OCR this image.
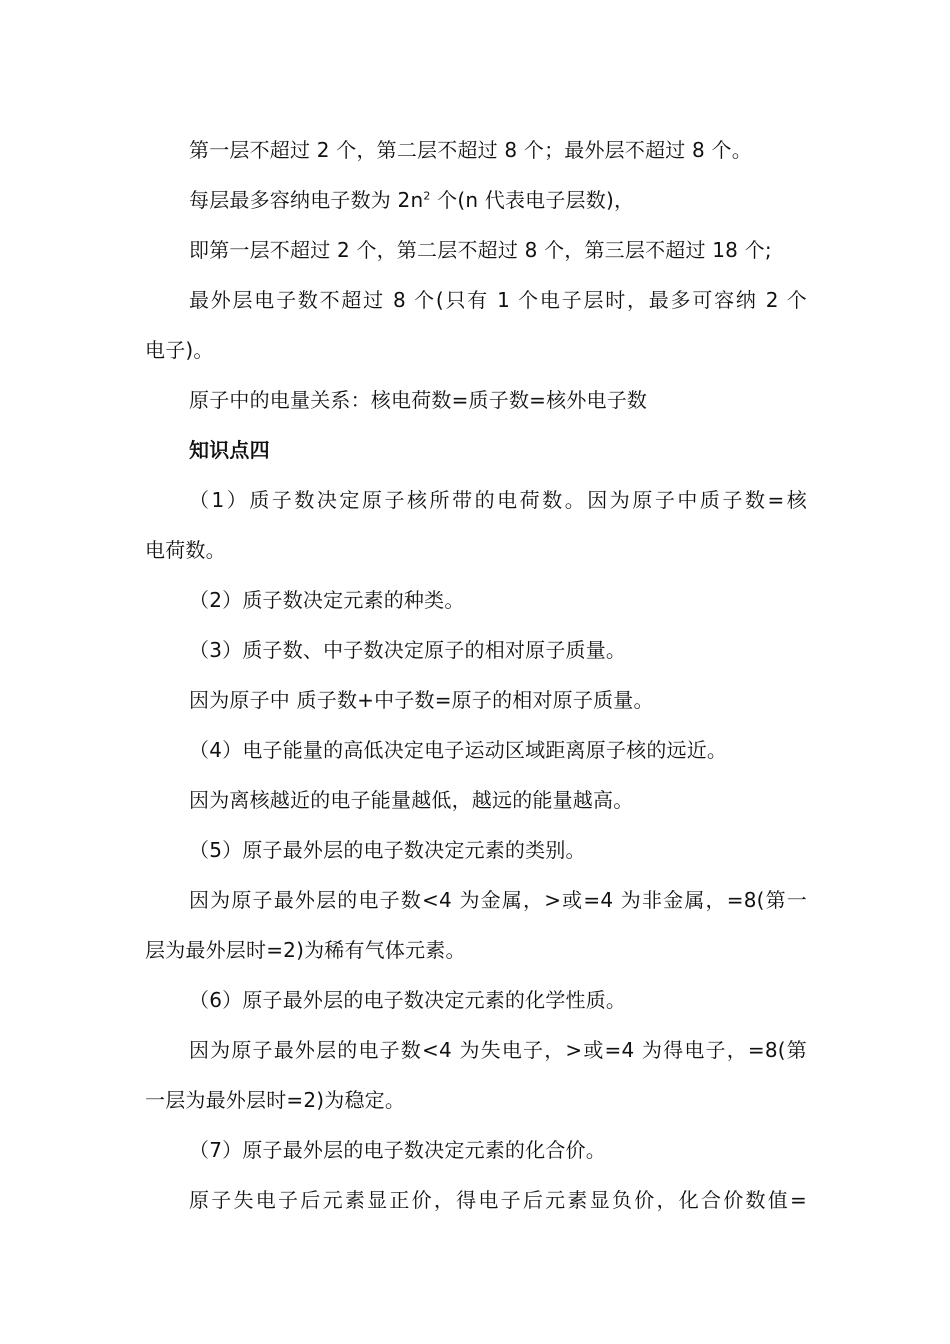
第一层不超过 2 个，第二层不超过 8 个；最外层不超过 8 个。
每层最多容纳电子数为 $2n^2$ 个(n 代表电子层数)，
即第一层不超过 2 个，第二层不超过 8 个，第三层不超过 18 个;
最外层电子数不超过 8 个(只有 1 个电子层时，最多可容纳 2 个
电子)。
原子中的电量关系：核电荷数=质子数=核外电子数
知识点四
（1）质子数决定原子核所带的电荷数。因为原子中质子数=核
电荷数。
（2）质子数决定元素的种类。
（3）质子数、中子数决定原子的相对原子质量。
因为原子中 质子数+中子数=原子的相对原子质量。
（4）电子能量的高低决定电子运动区域距离原子核的远近。
因为离核越近的电子能量越低，越远的能量越高。
（5）原子最外层的电子数决定元素的类别。
因为原子最外层的电子数<4 为金属，>或=4 为非金属，=8(第一
层为最外层时=2)为稀有气体元素。
（6）原子最外层的电子数决定元素的化学性质。
因为原子最外层的电子数<4 为失电子，>或=4 为得电子，=8(第
一层为最外层时=2)为稳定。
（7）原子最外层的电子数决定元素的化合价。
原子失电子后元素显正价，得电子后元素显负价，化合价数值=
